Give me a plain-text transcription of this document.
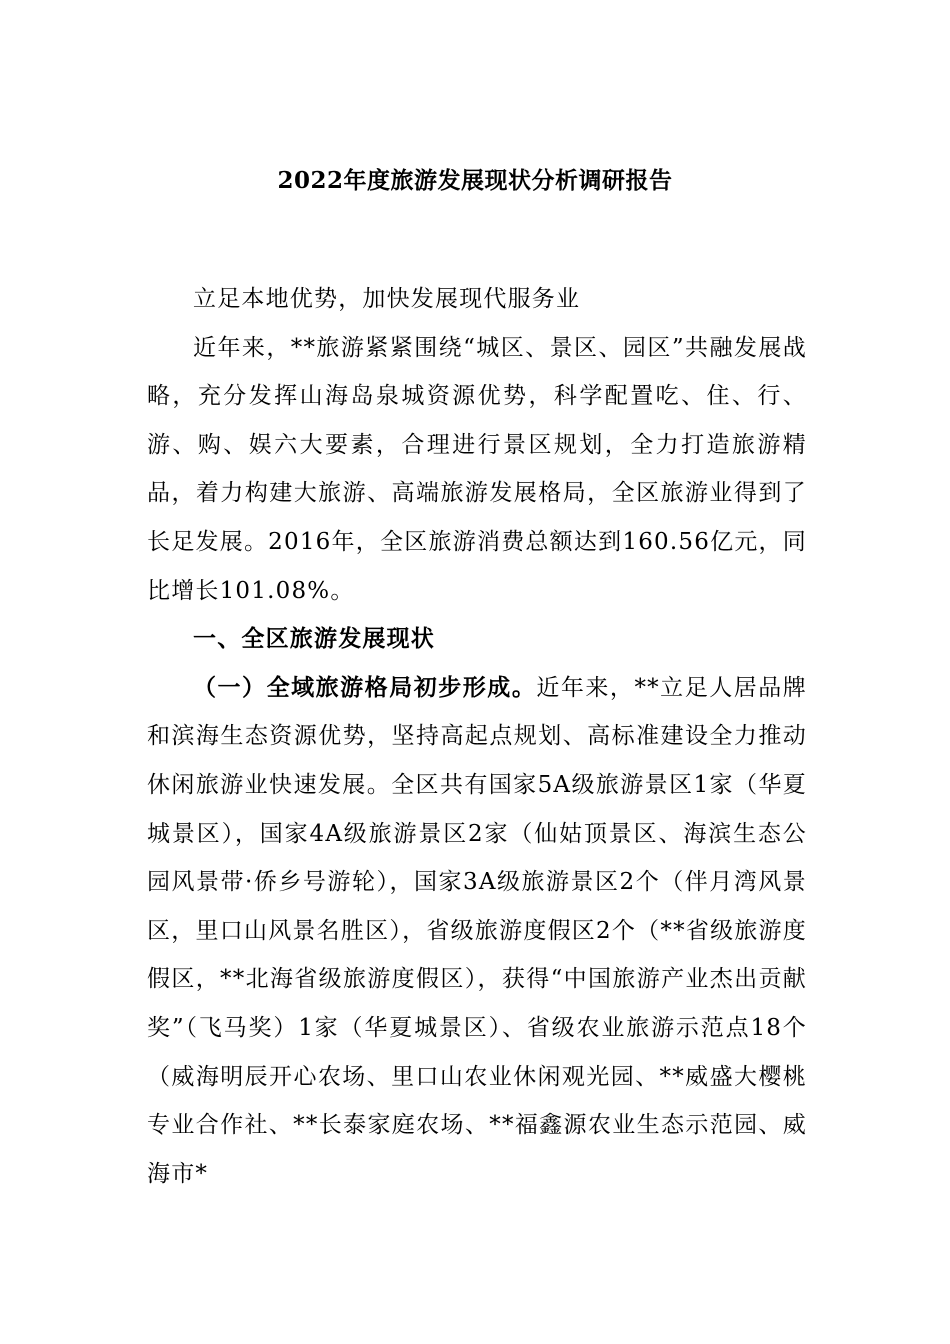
2022年度旅游发展现状分析调研报告

立足本地优势，加快发展现代服务业

近年来，**旅游紧紧围绕“城区、景区、园区”共融发展战略，充分发挥山海岛泉城资源优势，科学配置吃、住、行、游、购、娱六大要素，合理进行景区规划，全力打造旅游精品，着力构建大旅游、高端旅游发展格局，全区旅游业得到了长足发展。2016年，全区旅游消费总额达到160.56亿元，同比增长101.08%。

一、全区旅游发展现状

（一）全域旅游格局初步形成。近年来，**立足人居品牌和滨海生态资源优势，坚持高起点规划、高标准建设全力推动休闲旅游业快速发展。全区共有国家5A级旅游景区1家（华夏城景区），国家4A级旅游景区2家（仙姑顶景区、海滨生态公园风景带·侨乡号游轮），国家3A级旅游景区2个（伴月湾风景区，里口山风景名胜区），省级旅游度假区2个（**省级旅游度假区，**北海省级旅游度假区），获得“中国旅游产业杰出贡献奖”（飞马奖）1家（华夏城景区）、省级农业旅游示范点18个（威海明辰开心农场、里口山农业休闲观光园、**威盛大樱桃专业合作社、**长泰家庭农场、**福鑫源农业生态示范园、威海市*
